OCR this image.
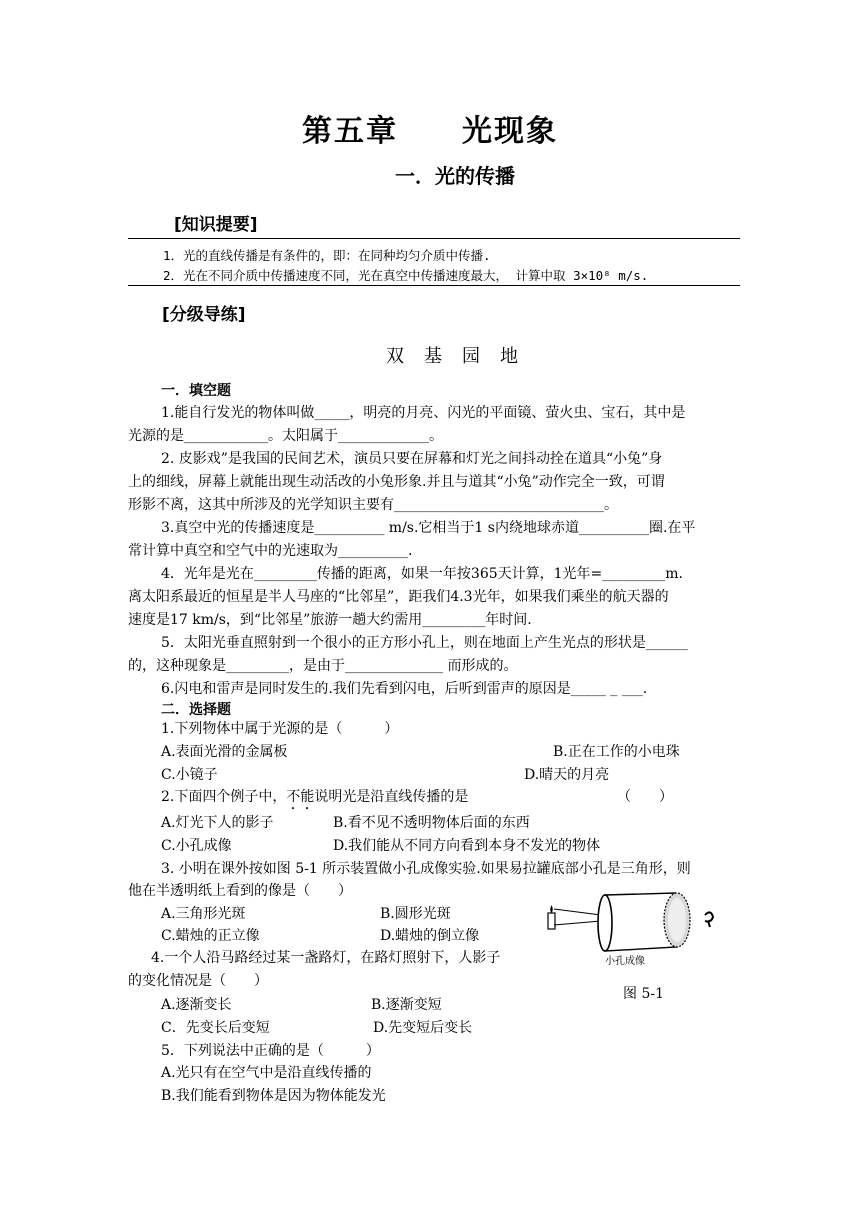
第五章　　光现象
一．光的传播
[知识提要]
1．光的直线传播是有条件的，即：在同种均匀介质中传播.
2．光在不同介质中传播速度不同，光在真空中传播速度最大， 计算中取 3×10⁸ m/s.
[分级导练]
双　基　园　地
一．填空题
1.能自行发光的物体叫做_____，明亮的月亮、闪光的平面镜、萤火虫、宝石，其中是
光源的是____________。太阳属于_____________。
2. 皮影戏”是我国的民间艺术，演员只要在屏幕和灯光之间抖动拴在道具“小兔”身
上的细线，屏幕上就能出现生动活改的小兔形象.并且与道其“小兔”动作完全一致，可谓
形影不离，这其中所涉及的光学知识主要有______________________________。
3.真空中光的传播速度是__________ m/s.它相当于1 s内绕地球赤道__________圈.在平
常计算中真空和空气中的光速取为__________.
4．光年是光在_________传播的距离，如果一年按365天计算，1光年=_________m.
离太阳系最近的恒星是半人马座的“比邻星”，距我们4.3光年，如果我们乘坐的航天器的
速度是17 km/s，到“比邻星”旅游一趟大约需用_________年时间.
5．太阳光垂直照射到一个很小的正方形小孔上，则在地面上产生光点的形状是______
的，这种现象是_________，是由于______________ 而形成的。
6.闪电和雷声是同时发生的.我们先看到闪电，后听到雷声的原因是_____ _ ___.
二．选择题
1.下列物体中属于光源的是（　　　）
A.表面光滑的金属板	B.正在工作的小电珠
C.小镜子	D.晴天的月亮
2.下面四个例子中，不能说明光是沿直线传播的是	（　　）
A.灯光下人的影子	B.看不见不透明物体后面的东西
C.小孔成像	D.我们能从不同方向看到本身不发光的物体
3. 小明在课外按如图 5-1 所示装置做小孔成像实验.如果易拉罐底部小孔是三角形，则
他在半透明纸上看到的像是（　　）
A.三角形光斑	B.圆形光斑
C.蜡烛的正立像	D.蜡烛的倒立像
4.一个人沿马路经过某一盏路灯，在路灯照射下，人影子
的变化情况是（　　）
A.逐渐变长	B.逐渐变短
C．先变长后变短	D.先变短后变长
5．下列说法中正确的是（　　　）
A.光只有在空气中是沿直线传播的
B.我们能看到物体是因为物体能发光
小孔成像
图 5-1
